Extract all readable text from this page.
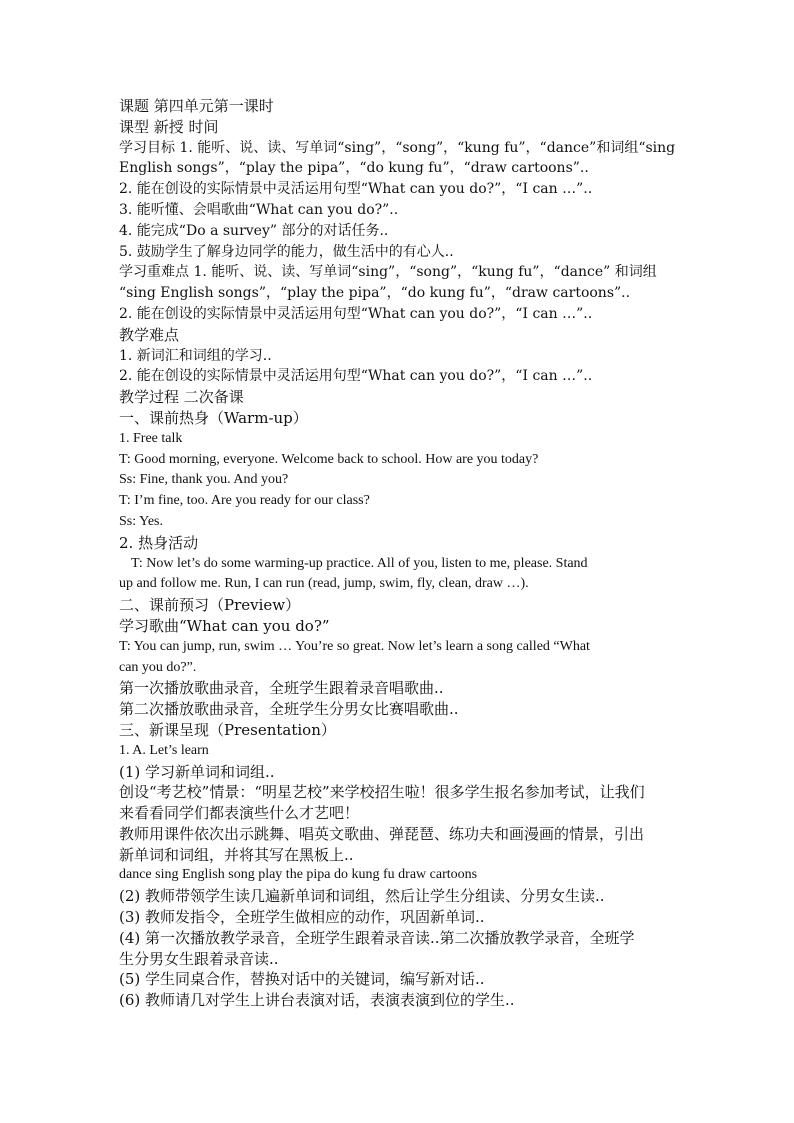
课题 第四单元第一课时
课型 新授 时间
学习目标 1. 能听、说、读、写单词“sing”，“song”，“kung fu”，“dance”和词组“sing
English songs”，“play the pipa”，“do kung fu”，“draw cartoons”..
2. 能在创设的实际情景中灵活运用句型“What can you do?”，“I can …”..
3. 能听懂、会唱歌曲“What can you do?”..
4. 能完成“Do a survey” 部分的对话任务..
5. 鼓励学生了解身边同学的能力，做生活中的有心人..
学习重难点 1. 能听、说、读、写单词“sing”，“song”，“kung fu”，“dance” 和词组
“sing English songs”，“play the pipa”，“do kung fu”，“draw cartoons”..
2. 能在创设的实际情景中灵活运用句型“What can you do?”，“I can …”..
教学难点
1. 新词汇和词组的学习..
2. 能在创设的实际情景中灵活运用句型“What can you do?”，“I can …”..
教学过程 二次备课
一、课前热身（Warm-up）
1. Free talk
T: Good morning, everyone. Welcome back to school. How are you today?
Ss: Fine, thank you. And you?
T: I’m fine, too. Are you ready for our class?
Ss: Yes.
2. 热身活动
T: Now let’s do some warming-up practice. All of you, listen to me, please. Stand
up and follow me. Run, I can run (read, jump, swim, fly, clean, draw …).
二、课前预习（Preview）
学习歌曲“What can you do?”
T: You can jump, run, swim … You’re so great. Now let’s learn a song called “What
can you do?”.
第一次播放歌曲录音，全班学生跟着录音唱歌曲..
第二次播放歌曲录音，全班学生分男女比赛唱歌曲..
三、新课呈现（Presentation）
1. A. Let’s learn
(1) 学习新单词和词组..
创设“考艺校”情景：“明星艺校”来学校招生啦！很多学生报名参加考试，让我们
来看看同学们都表演些什么才艺吧！
教师用课件依次出示跳舞、唱英文歌曲、弹琵琶、练功夫和画漫画的情景，引出
新单词和词组，并将其写在黑板上..
dance sing English song play the pipa do kung fu draw cartoons
(2) 教师带领学生读几遍新单词和词组，然后让学生分组读、分男女生读..
(3) 教师发指令，全班学生做相应的动作，巩固新单词..
(4) 第一次播放教学录音，全班学生跟着录音读..第二次播放教学录音，全班学
生分男女生跟着录音读..
(5) 学生同桌合作，替换对话中的关键词，编写新对话..
(6) 教师请几对学生上讲台表演对话，表演表演到位的学生..
